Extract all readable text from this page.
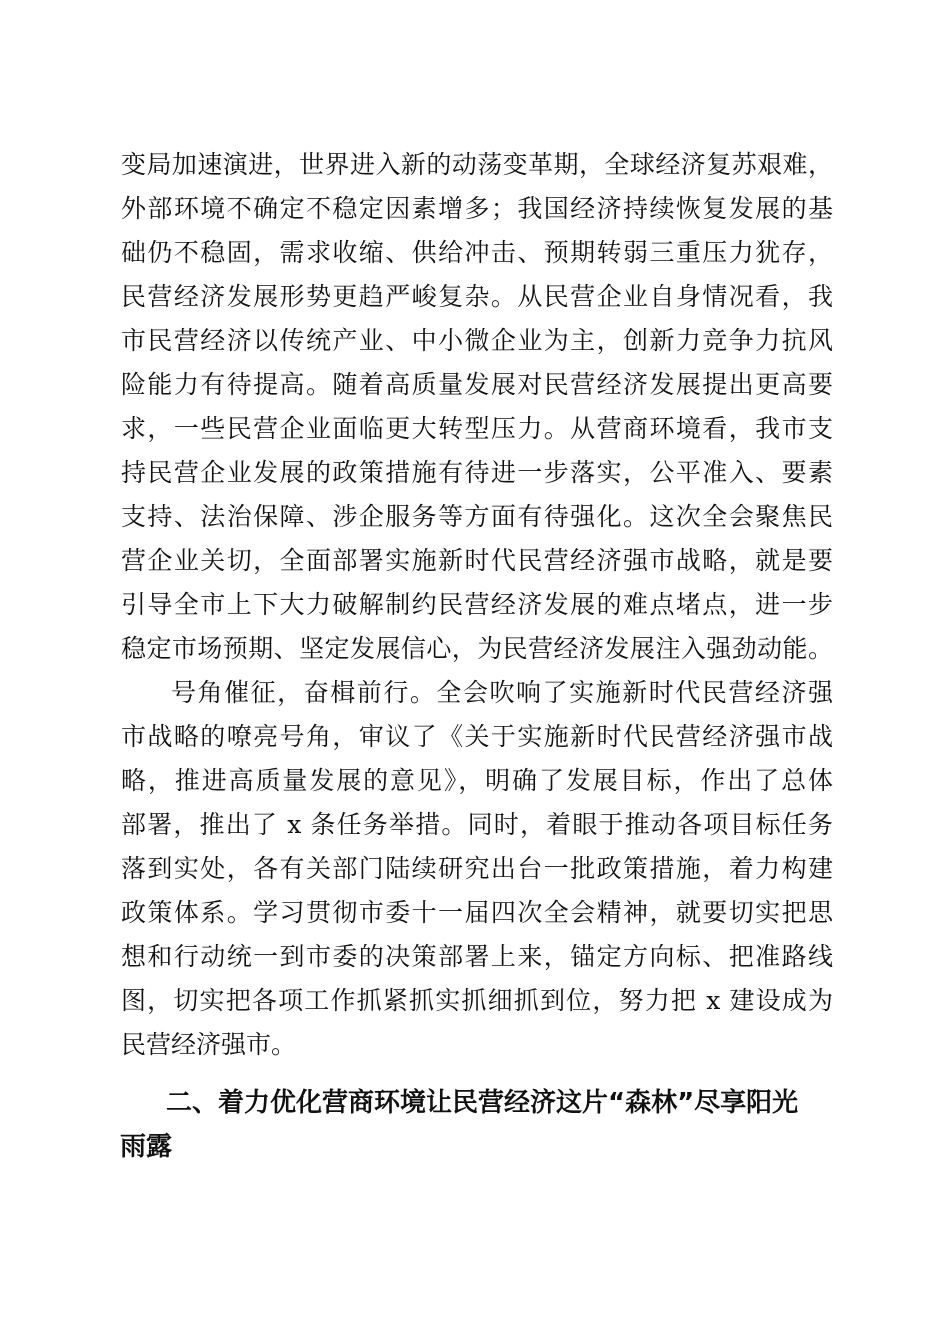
变局加速演进，世界进入新的动荡变革期，全球经济复苏艰难，
外部环境不确定不稳定因素增多；我国经济持续恢复发展的基
础仍不稳固，需求收缩、供给冲击、预期转弱三重压力犹存，
民营经济发展形势更趋严峻复杂。从民营企业自身情况看，我
市民营经济以传统产业、中小微企业为主，创新力竞争力抗风
险能力有待提高。随着高质量发展对民营经济发展提出更高要
求，一些民营企业面临更大转型压力。从营商环境看，我市支
持民营企业发展的政策措施有待进一步落实，公平准入、要素
支持、法治保障、涉企服务等方面有待强化。这次全会聚焦民
营企业关切，全面部署实施新时代民营经济强市战略，就是要
引导全市上下大力破解制约民营经济发展的难点堵点，进一步
稳定市场预期、坚定发展信心，为民营经济发展注入强劲动能。
号角催征，奋楫前行。全会吹响了实施新时代民营经济强
市战略的嘹亮号角，审议了《关于实施新时代民营经济强市战
略，推进高质量发展的意见》，明确了发展目标，作出了总体
部署，推出了 x 条任务举措。同时，着眼于推动各项目标任务
落到实处，各有关部门陆续研究出台一批政策措施，着力构建
政策体系。学习贯彻市委十一届四次全会精神，就要切实把思
想和行动统一到市委的决策部署上来，锚定方向标、把准路线
图，切实把各项工作抓紧抓实抓细抓到位，努力把 x 建设成为
民营经济强市。
二、着力优化营商环境让民营经济这片“森林”尽享阳光
雨露
